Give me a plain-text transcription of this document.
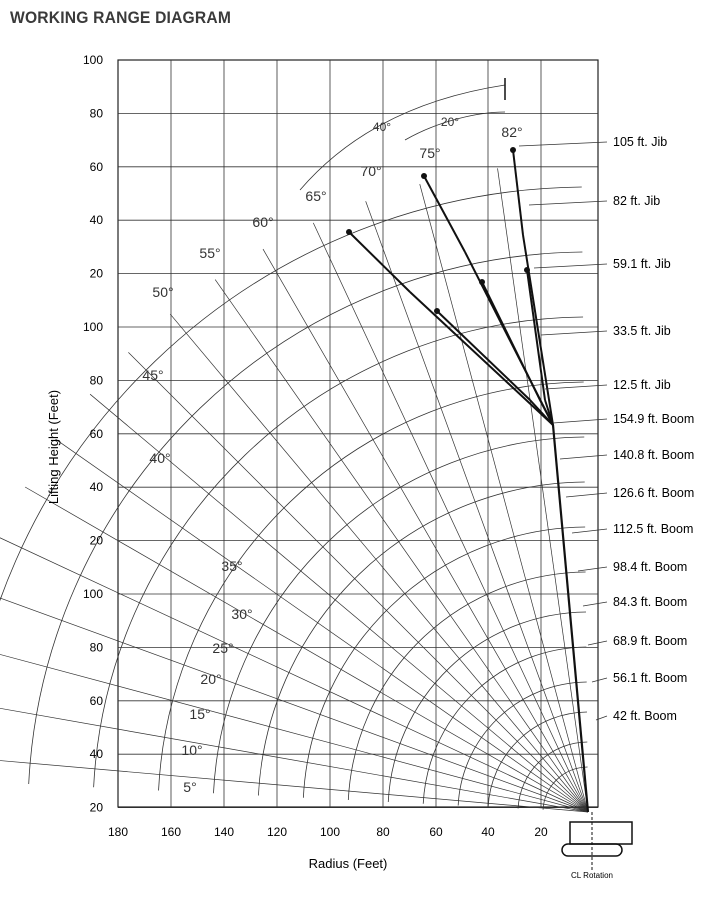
WORKING RANGE DIAGRAM
180	160	140	120	100	80	60	40	20
100
80
60
40
20
100
80
60
40
20
100
80
60
40
20
5°
10°
15°
20°
25°
30°
35°
40°
45°
50°
55°
60°
65°
70°
75°
82°
40°	20°
105 ft. Jib
82 ft. Jib
59.1 ft. Jib
33.5 ft. Jib
12.5 ft. Jib
154.9 ft. Boom
140.8 ft. Boom
126.6 ft. Boom
112.5 ft. Boom
98.4 ft. Boom
84.3 ft. Boom
68.9 ft. Boom
56.1 ft. Boom
42 ft. Boom
Radius (Feet)
Lifting Height (Feet)
CL Rotation
